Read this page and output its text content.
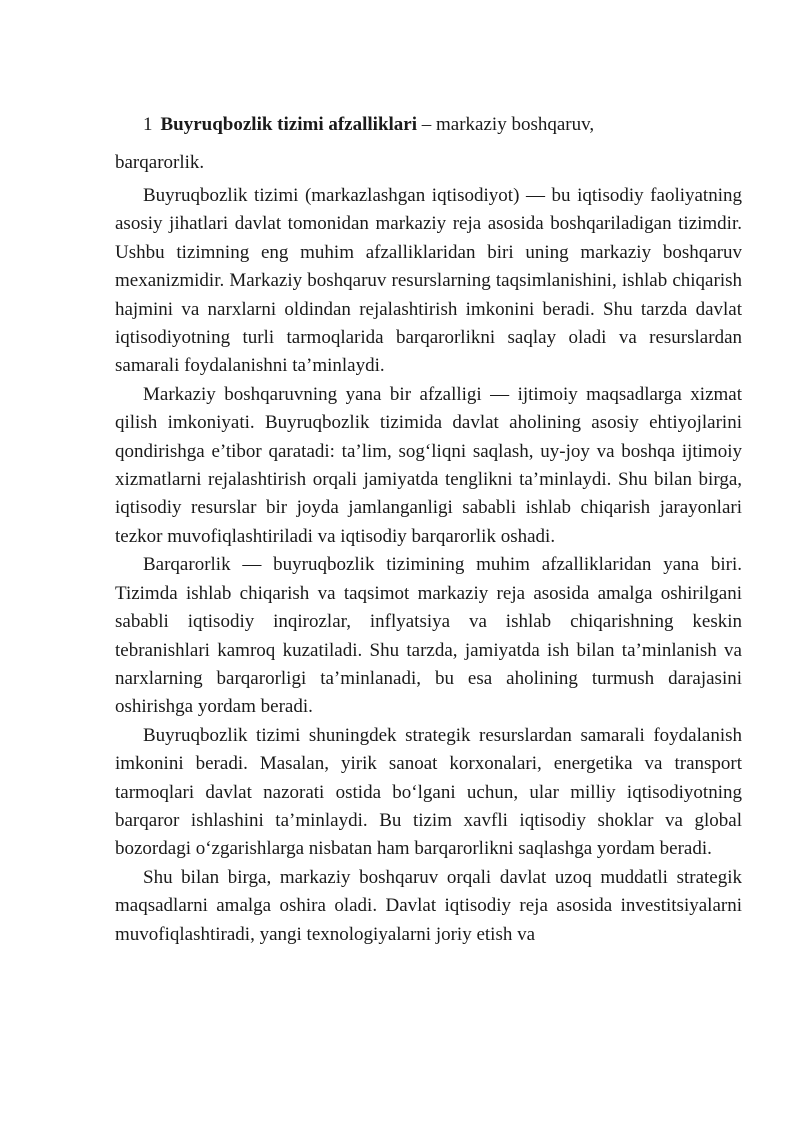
1 Buyruqbozlik tizimi afzalliklari – markaziy boshqaruv,

barqarorlik.

Buyruqbozlik tizimi (markazlashgan iqtisodiyot) — bu iqtisodiy faoliyatning asosiy jihatlari davlat tomonidan markaziy reja asosida boshqariladigan tizimdir. Ushbu tizimning eng muhim afzalliklaridan biri uning markaziy boshqaruv mexanizmidir. Markaziy boshqaruv resurslarning taqsimlanishini, ishlab chiqarish hajmini va narxlarni oldindan rejalashtirish imkonini beradi. Shu tarzda davlat iqtisodiyotning turli tarmoqlarida barqarorlikni saqlay oladi va resurslardan samarali foydalanishni ta’minlaydi.

Markaziy boshqaruvning yana bir afzalligi — ijtimoiy maqsadlarga xizmat qilish imkoniyati. Buyruqbozlik tizimida davlat aholining asosiy ehtiyojlarini qondirishga e’tibor qaratadi: ta’lim, sog‘liqni saqlash, uy-joy va boshqa ijtimoiy xizmatlarni rejalashtirish orqali jamiyatda tenglikni ta’minlaydi. Shu bilan birga, iqtisodiy resurslar bir joyda jamlanganligi sababli ishlab chiqarish jarayonlari tezkor muvofiqlashtiriladi va iqtisodiy barqarorlik oshadi.

Barqarorlik — buyruqbozlik tizimining muhim afzalliklaridan yana biri. Tizimda ishlab chiqarish va taqsimot markaziy reja asosida amalga oshirilgani sababli iqtisodiy inqirozlar, inflyatsiya va ishlab chiqarishning keskin tebranishlari kamroq kuzatiladi. Shu tarzda, jamiyatda ish bilan ta’minlanish va narxlarning barqarorligi ta’minlanadi, bu esa aholining turmush darajasini oshirishga yordam beradi.

Buyruqbozlik tizimi shuningdek strategik resurslardan samarali foydalanish imkonini beradi. Masalan, yirik sanoat korxonalari, energetika va transport tarmoqlari davlat nazorati ostida bo‘lgani uchun, ular milliy iqtisodiyotning barqaror ishlashini ta’minlaydi. Bu tizim xavfli iqtisodiy shoklar va global bozordagi o‘zgarishlarga nisbatan ham barqarorlikni saqlashga yordam beradi.

Shu bilan birga, markaziy boshqaruv orqali davlat uzoq muddatli strategik maqsadlarni amalga oshira oladi. Davlat iqtisodiy reja asosida investitsiyalarni muvofiqlashtiradi, yangi texnologiyalarni joriy etish va
